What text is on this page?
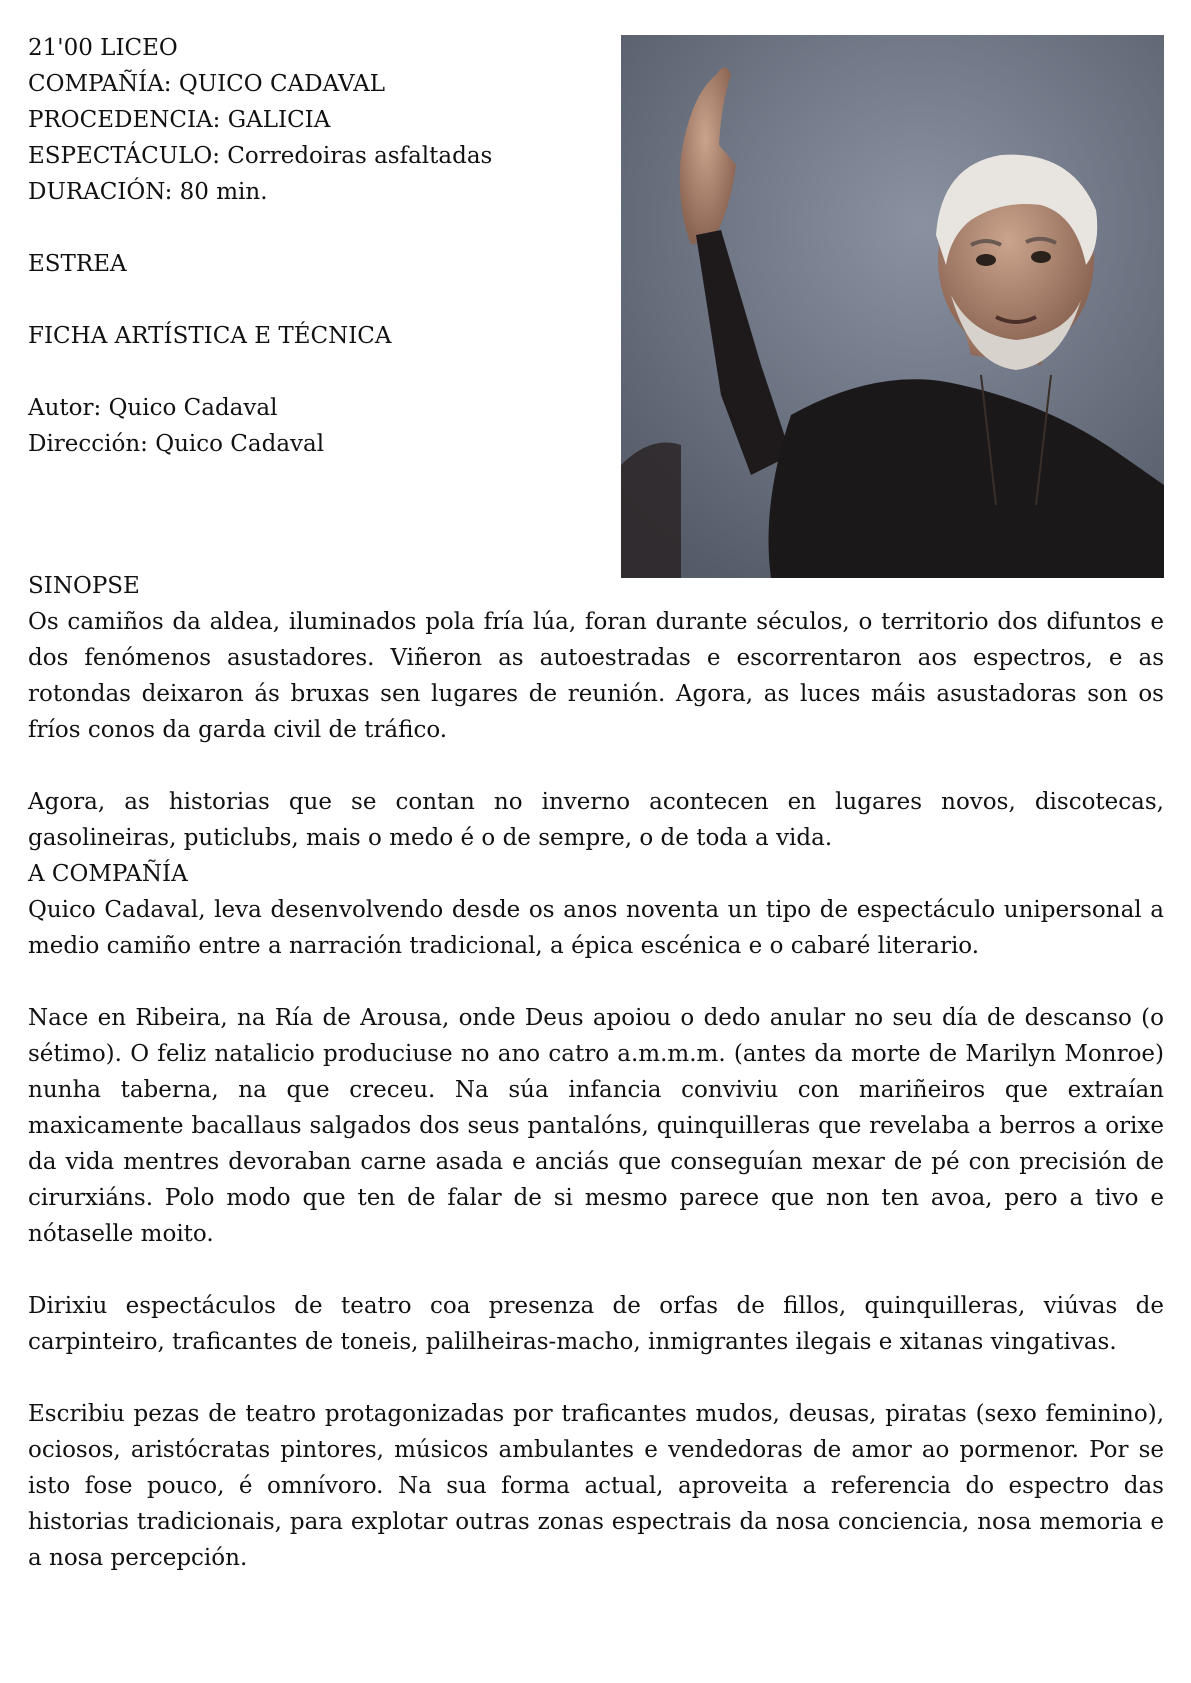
21'00 LICEO
COMPAÑÍA: QUICO CADAVAL
PROCEDENCIA: GALICIA
ESPECTÁCULO: Corredoiras asfaltadas
DURACIÓN: 80 min.
ESTREA
FICHA ARTÍSTICA E TÉCNICA
Autor: Quico Cadaval
Dirección: Quico Cadaval
SINOPSE

Os camiños da aldea, iluminados pola fría lúa, foran durante séculos, o territorio dos difuntos e dos fenómenos asustadores. Viñeron as autoestradas e escorrentaron aos espectros, e as rotondas deixaron ás bruxas sen lugares de reunión. Agora, as luces máis asustadoras son os fríos conos da garda civil de tráfico.

Agora, as historias que se contan no inverno acontecen en lugares novos, discotecas, gasolineiras, puticlubs, mais o medo é o de sempre, o de toda a vida.

A COMPAÑÍA

Quico Cadaval, leva desenvolvendo desde os anos noventa un tipo de espectáculo unipersonal a medio camiño entre a narración tradicional, a épica escénica e o cabaré literario.

Nace en Ribeira, na Ría de Arousa, onde Deus apoiou o dedo anular no seu día de descanso (o sétimo). O feliz natalicio produciuse no ano catro a.m.m.m. (antes da morte de Marilyn Monroe) nunha taberna, na que creceu. Na súa infancia conviviu con mariñeiros que extraían maxicamente bacallaus salgados dos seus pantalóns, quinquilleras que revelaba a berros a orixe da vida mentres devoraban carne asada e anciás que conseguían mexar de pé con precisión de cirurxiáns. Polo modo que ten de falar de si mesmo parece que non ten avoa, pero a tivo e nótaselle moito.

Dirixiu espectáculos de teatro coa presenza de orfas de fillos, quinquilleras, viúvas de carpinteiro, traficantes de toneis, palilheiras-macho, inmigrantes ilegais e xitanas vingativas.

Escribiu pezas de teatro protagonizadas por traficantes mudos, deusas, piratas (sexo feminino), ociosos, aristócratas pintores, músicos ambulantes e vendedoras de amor ao pormenor. Por se isto fose pouco, é omnívoro. Na sua forma actual, aproveita a referencia do espectro das historias tradicionais, para explotar outras zonas espectrais da nosa conciencia, nosa memoria e a nosa percepción.
